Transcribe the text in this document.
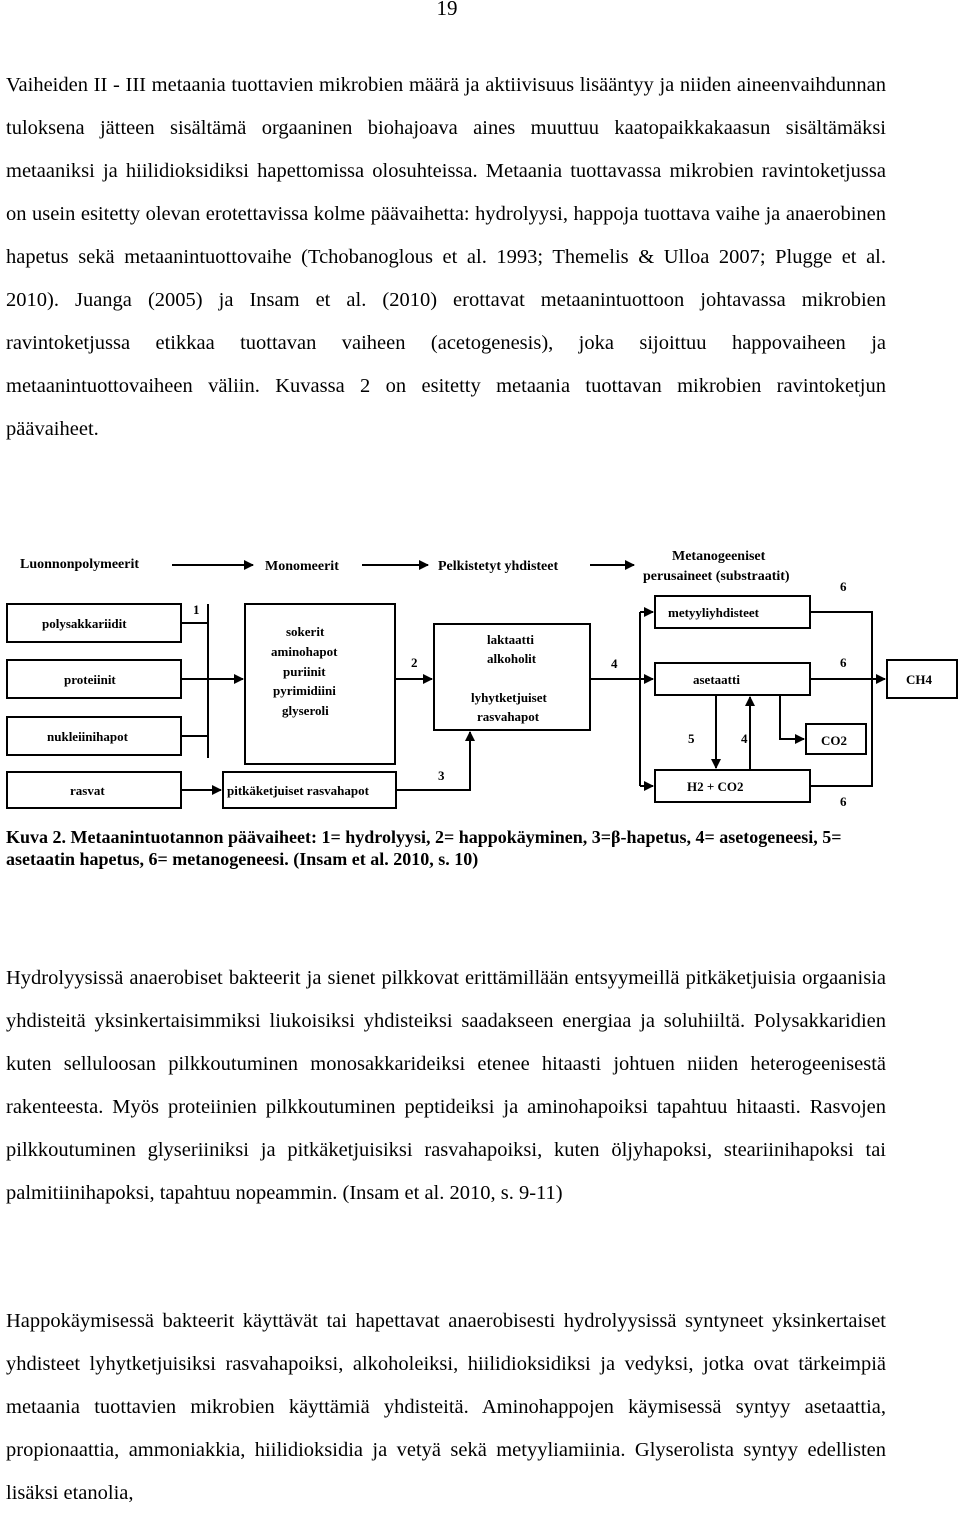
19

Vaiheiden II - III metaania tuottavien mikrobien määrä ja aktiivisuus lisääntyy ja niiden aineenvaihdunnan tuloksena jätteen sisältämä orgaaninen biohajoava aines muuttuu kaatopaikkakaasun sisältämäksi metaaniksi ja hiilidioksidiksi hapettomissa olosuhteissa. Metaania tuottavassa mikrobien ravintoketjussa on usein esitetty olevan erotettavissa kolme päävaihetta: hydrolyysi, happoja tuottava vaihe ja anaerobinen hapetus sekä metaanintuottovaihe (Tchobanoglous et al. 1993; Themelis & Ulloa 2007; Plugge et al. 2010). Juanga (2005) ja Insam et al. (2010) erottavat metaanintuottoon johtavassa mikrobien ravintoketjussa etikkaa tuottavan vaiheen (acetogenesis), joka sijoittuu happovaiheen ja metaanintuottovaiheen väliin. Kuvassa 2 on esitetty metaania tuottavan mikrobien ravintoketjun päävaiheet.

Luonnonpolymeerit	Monomeerit	Pelkistetyt yhdisteet
Metanogeeniset
perusaineet (substraatit)
polysakkariidit
proteiinit
nukleiinihapot
rasvat
1
sokerit
aminohapot
puriinit
pyrimidiini
glyseroli
pitkäketjuiset rasvahapot
2
laktaatti
alkoholit
lyhytketjuiset
rasvahapot
3
4
metyyliyhdisteet
asetaatti
H2 + CO2
5	4	CO2
CH4
6
6
6

Kuva 2. Metaanintuotannon päävaiheet: 1= hydrolyysi, 2= happokäyminen, 3=β-hapetus, 4= asetogeneesi, 5= asetaatin hapetus, 6= metanogeneesi. (Insam et al. 2010, s. 10)

Hydrolyysissä anaerobiset bakteerit ja sienet pilkkovat erittämillään entsyymeillä pitkäketjuisia orgaanisia yhdisteitä yksinkertaisimmiksi liukoisiksi yhdisteiksi saadakseen energiaa ja soluhiiltä. Polysakkaridien kuten selluloosan pilkkoutuminen monosakkarideiksi etenee hitaasti johtuen niiden heterogeenisestä rakenteesta. Myös proteiinien pilkkoutuminen peptideiksi ja aminohapoiksi tapahtuu hitaasti. Rasvojen pilkkoutuminen glyseriiniksi ja pitkäketjuisiksi rasvahapoiksi, kuten öljyhapoksi, steariinihapoksi tai palmitiinihapoksi, tapahtuu nopeammin. (Insam et al. 2010, s. 9-11)

Happokäymisessä bakteerit käyttävät tai hapettavat anaerobisesti hydrolyysissä syntyneet yksinkertaiset yhdisteet lyhytketjuisiksi rasvahapoiksi, alkoholeiksi, hiilidioksidiksi ja vedyksi, jotka ovat tärkeimpiä metaania tuottavien mikrobien käyttämiä yhdisteitä. Aminohappojen käymisessä syntyy asetaattia, propionaattia, ammoniakkia, hiilidioksidia ja vetyä sekä metyyliamiinia. Glyserolista syntyy edellisten lisäksi etanolia,
